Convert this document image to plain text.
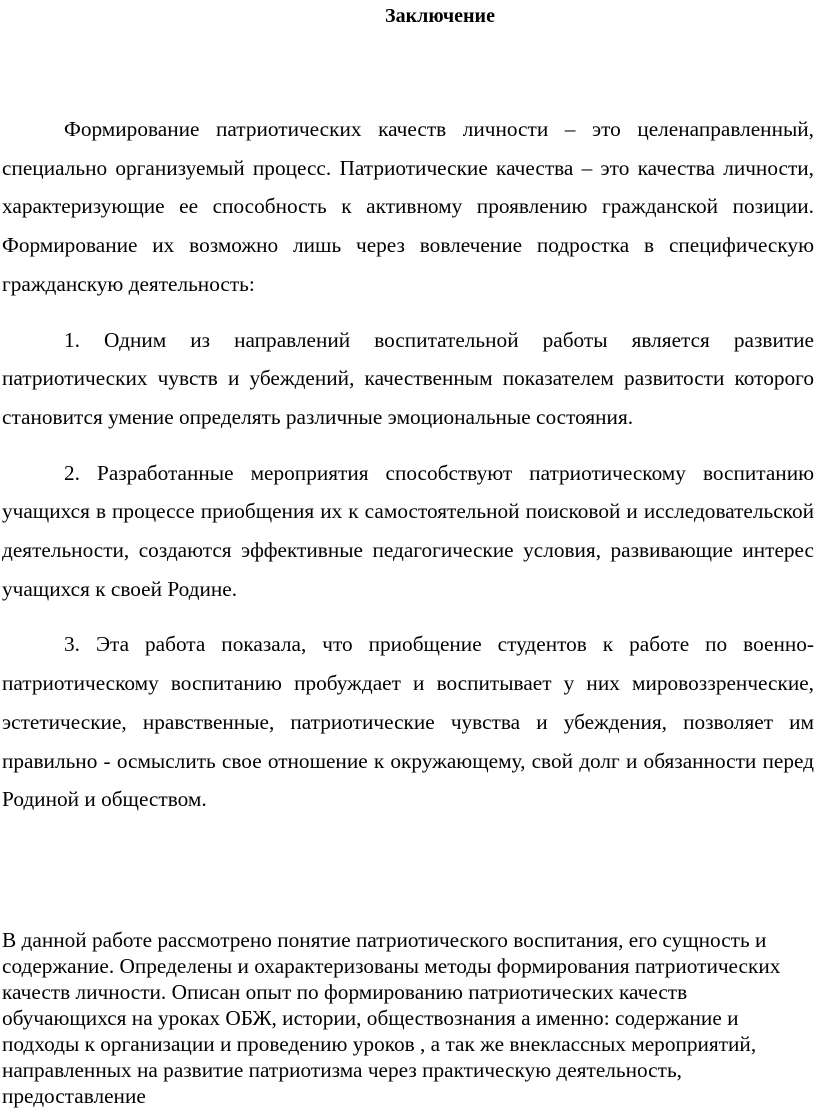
Заключение

Формирование патриотических качеств личности – это целенаправленный, специально организуемый процесс. Патриотические качества – это качества личности, характеризующие ее способность к активному проявлению гражданской позиции. Формирование их возможно лишь через вовлечение подростка в специфическую гражданскую деятельность:

1. Одним из направлений воспитательной работы является развитие патриотических чувств и убеждений, качественным показателем развитости которого становится умение определять различные эмоциональные состояния.

2. Разработанные мероприятия способствуют патриотическому воспитанию учащихся в процессе приобщения их к самостоятельной поисковой и исследовательской деятельности, создаются эффективные педагогические условия, развивающие интерес учащихся к своей Родине.

3. Эта работа показала, что приобщение студентов к работе по военно-патриотическому воспитанию пробуждает и воспитывает у них мировоззренческие, эстетические, нравственные, патриотические чувства и убеждения, позволяет им правильно - осмыслить свое отношение к окружающему, свой долг и обязанности перед Родиной и обществом.

В данной работе рассмотрено понятие патриотического воспитания, его сущность и содержание. Определены и охарактеризованы методы формирования патриотических качеств личности. Описан опыт по формированию патриотических качеств обучающихся на уроках ОБЖ, истории, обществознания а именно: содержание и подходы к организации и проведению уроков , а так же внеклассных мероприятий, направленных на развитие патриотизма через практическую деятельность, предоставление
